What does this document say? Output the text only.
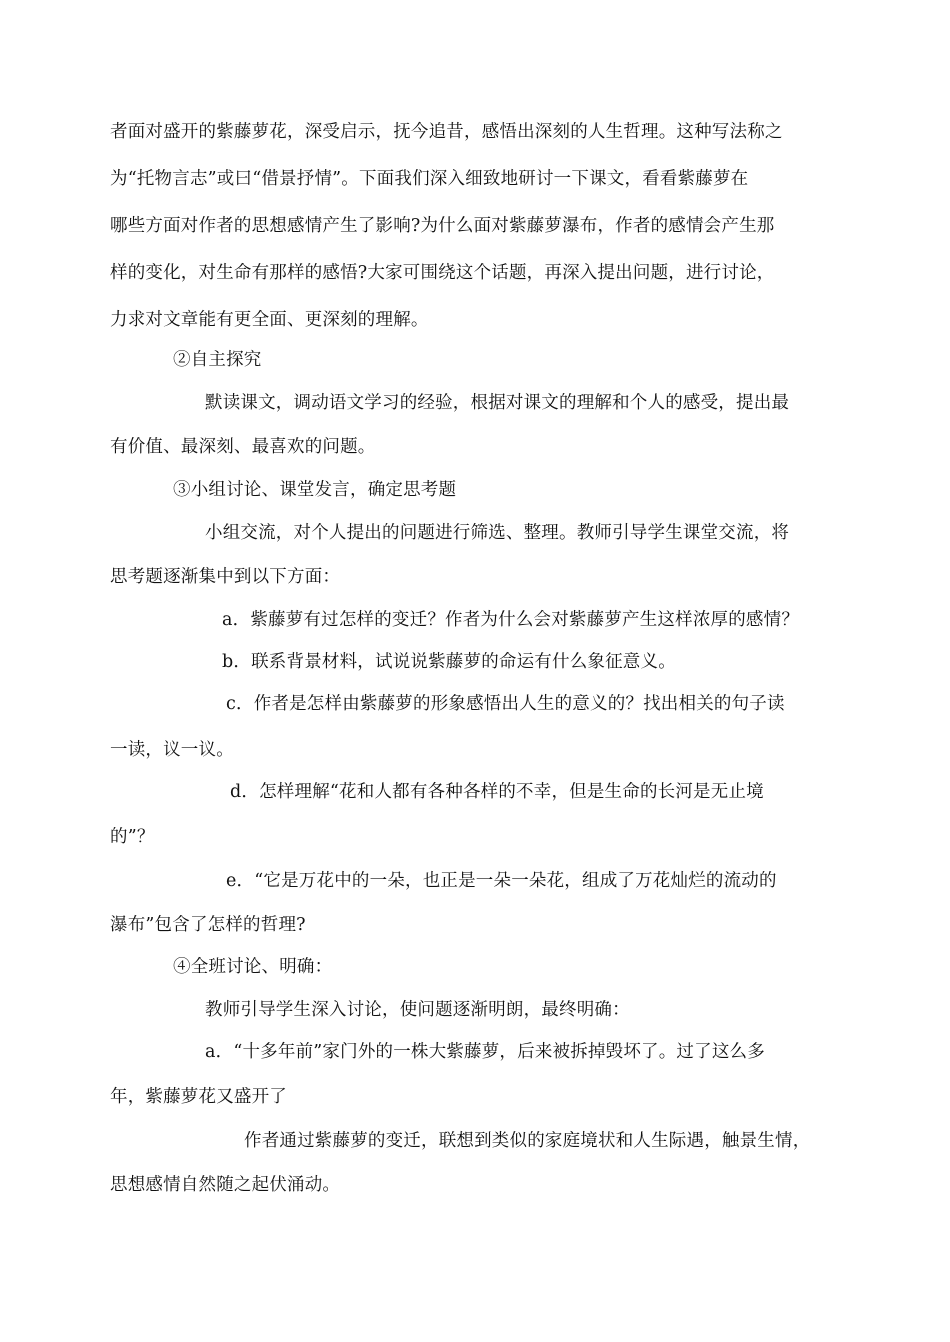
者面对盛开的紫藤萝花，深受启示，抚今追昔，感悟出深刻的人生哲理。这种写法称之
为“托物言志”或曰“借景抒情”。下面我们深入细致地研讨一下课文，看看紫藤萝在
哪些方面对作者的思想感情产生了影响?为什么面对紫藤萝瀑布，作者的感情会产生那
样的变化，对生命有那样的感悟?大家可围绕这个话题，再深入提出问题，进行讨论，
力求对文章能有更全面、更深刻的理解。
②自主探究
默读课文，调动语文学习的经验，根据对课文的理解和个人的感受，提出最
有价值、最深刻、最喜欢的问题。
③小组讨论、课堂发言，确定思考题
小组交流，对个人提出的问题进行筛选、整理。教师引导学生课堂交流，将
思考题逐渐集中到以下方面：
a．紫藤萝有过怎样的变迁？作者为什么会对紫藤萝产生这样浓厚的感情？
b．联系背景材料，试说说紫藤萝的命运有什么象征意义。
c．作者是怎样由紫藤萝的形象感悟出人生的意义的？找出相关的句子读
一读，议一议。
d．怎样理解“花和人都有各种各样的不幸，但是生命的长河是无止境
的”？
e．“它是万花中的一朵，也正是一朵一朵花，组成了万花灿烂的流动的
瀑布”包含了怎样的哲理?
④全班讨论、明确：
教师引导学生深入讨论，使问题逐渐明朗，最终明确：
a．“十多年前”家门外的一株大紫藤萝，后来被拆掉毁坏了。过了这么多
年，紫藤萝花又盛开了
作者通过紫藤萝的变迁，联想到类似的家庭境状和人生际遇，触景生情，
思想感情自然随之起伏涌动。
